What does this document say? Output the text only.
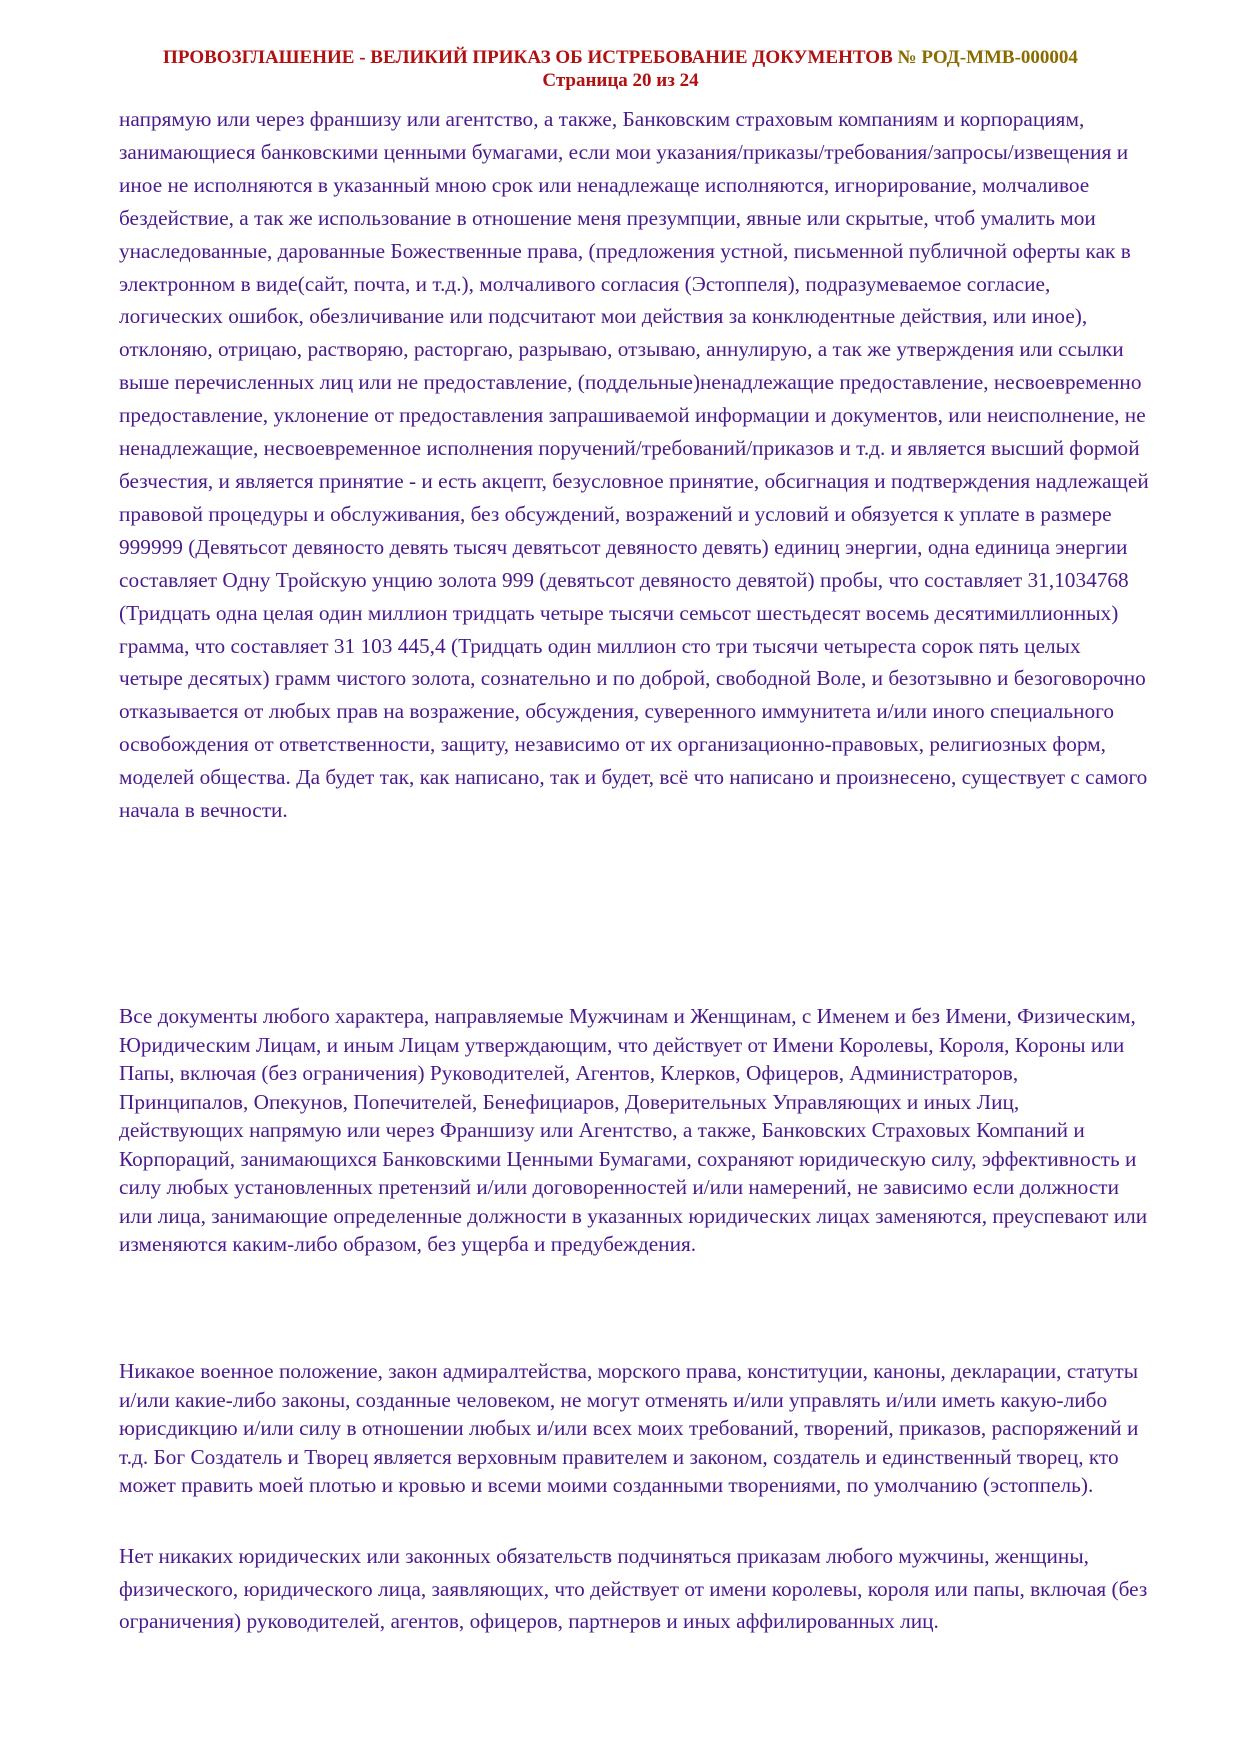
ПРОВОЗГЛАШЕНИЕ - ВЕЛИКИЙ ПРИКАЗ ОБ ИСТРЕБОВАНИЕ ДОКУМЕНТОВ № РОД-ММВ-000004
Страница 20 из 24

напрямую или через франшизу или агентство, а также, Банковским страховым компаниям и корпорациям, занимающиеся банковскими ценными бумагами, если мои указания/приказы/требования/запросы/извещения и иное не исполняются в указанный мною срок или ненадлежаще исполняются, игнорирование, молчаливое бездействие, а так же использование в отношение меня презумпции, явные или скрытые, чтоб умалить мои унаследованные, дарованные Божественные права, (предложения устной, письменной публичной оферты как в электронном в виде(сайт, почта, и т.д.), молчаливого согласия (Эстоппеля), подразумеваемое согласие, логических ошибок, обезличивание или подсчитают мои действия за конклюдентные действия, или иное), отклоняю, отрицаю, растворяю, расторгаю, разрываю, отзываю, аннулирую, а так же утверждения или ссылки выше перечисленных лиц или не предоставление, (поддельные)ненадлежащие предоставление, несвоевременно предоставление, уклонение от предоставления запрашиваемой информации и документов, или неисполнение, не ненадлежащие, несвоевременное исполнения поручений/требований/приказов и т.д. и является высший формой безчестия, и является принятие - и есть акцепт, безусловное принятие, обсигнация и подтверждения надлежащей правовой процедуры и обслуживания, без обсуждений, возражений и условий и обязуется к уплате в размере 999999 (Девятьсот девяносто девять тысяч девятьсот девяносто девять) единиц энергии, одна единица энергии составляет Одну Тройскую унцию золота 999 (девятьсот девяносто девятой) пробы, что составляет 31,1034768 (Тридцать одна целая один миллион тридцать четыре тысячи семьсот шестьдесят восемь десятимиллионных) грамма, что составляет 31 103 445,4 (Тридцать один миллион сто три тысячи четыреста сорок пять целых четыре десятых) грамм чистого золота, сознательно и по доброй, свободной Воле, и безотзывно и безоговорочно отказывается от любых прав на возражение, обсуждения, суверенного иммунитета и/или иного специального освобождения от ответственности, защиту, независимо от их организационно-правовых, религиозных форм, моделей общества. Да будет так, как написано, так и будет, всё что написано и произнесено, существует с самого начала в вечности.

Все документы любого характера, направляемые Мужчинам и Женщинам, с Именем и без Имени, Физическим, Юридическим Лицам, и иным Лицам утверждающим, что действует от Имени Королевы, Короля, Короны или Папы, включая (без ограничения) Руководителей, Агентов, Клерков, Офицеров, Администраторов, Принципалов, Опекунов, Попечителей, Бенефициаров, Доверительных Управляющих и иных Лиц, действующих напрямую или через Франшизу или Агентство, а также, Банковских Страховых Компаний и Корпораций, занимающихся Банковскими Ценными Бумагами, сохраняют юридическую силу, эффективность и силу любых установленных претензий и/или договоренностей и/или намерений, не зависимо если должности или лица, занимающие определенные должности в указанных юридических лицах заменяются, преуспевают или изменяются каким-либо образом, без ущерба и предубеждения.

Никакое военное положение, закон адмиралтейства, морского права, конституции, каноны, декларации, статуты и/или какие-либо законы, созданные человеком, не могут отменять и/или управлять и/или иметь какую-либо юрисдикцию и/или силу в отношении любых и/или всех моих требований, творений, приказов, распоряжений и т.д. Бог Создатель и Творец является верховным правителем и законом, создатель и единственный творец, кто может править моей плотью и кровью и всеми моими созданными творениями, по умолчанию (эстоппель).

Нет никаких юридических или законных обязательств подчиняться приказам любого мужчины, женщины, физического, юридического лица, заявляющих, что действует от имени королевы, короля или папы, включая (без ограничения) руководителей, агентов, офицеров, партнеров и иных аффилированных лиц.
